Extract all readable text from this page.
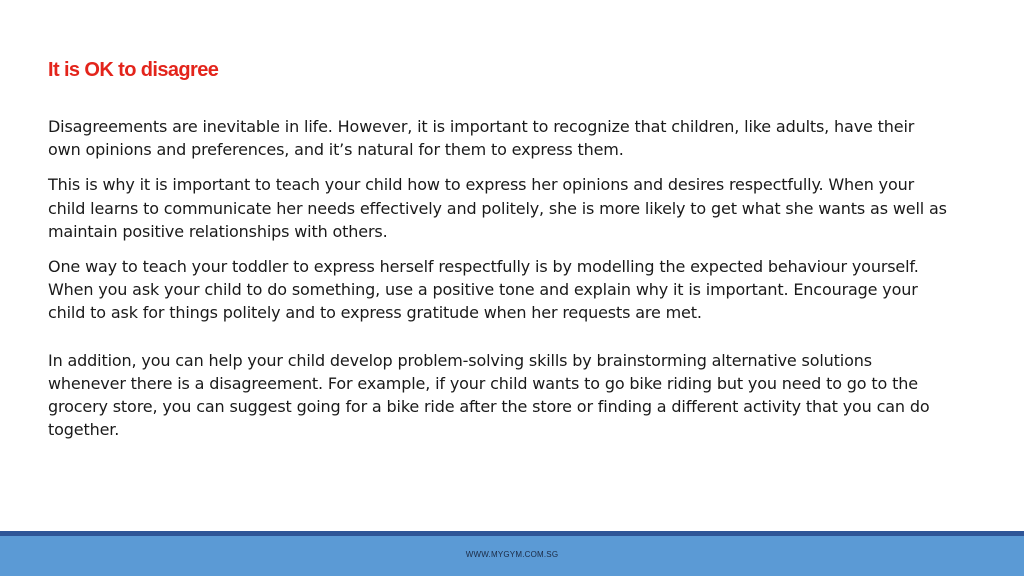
It is OK to disagree

Disagreements are inevitable in life. However, it is important to recognize that children, like adults, have their own opinions and preferences, and it’s natural for them to express them.

This is why it is important to teach your child how to express her opinions and desires respectfully. When your child learns to communicate her needs effectively and politely, she is more likely to get what she wants as well as maintain positive relationships with others.

One way to teach your toddler to express herself respectfully is by modelling the expected behaviour yourself. When you ask your child to do something, use a positive tone and explain why it is important. Encourage your child to ask for things politely and to express gratitude when her requests are met.

In addition, you can help your child develop problem-solving skills by brainstorming alternative solutions whenever there is a disagreement. For example, if your child wants to go bike riding but you need to go to the grocery store, you can suggest going for a bike ride after the store or finding a different activity that you can do together.

WWW.MYGYM.COM.SG
